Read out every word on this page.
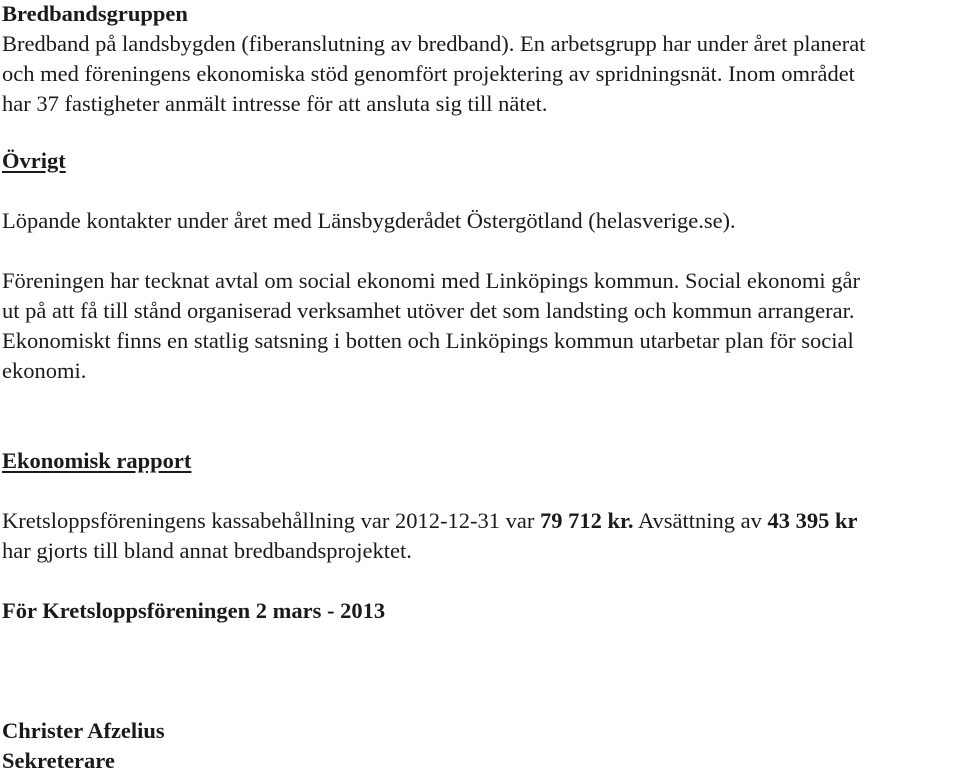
Bredbandsgruppen

Bredband på landsbygden (fiberanslutning av bredband). En arbetsgrupp har under året planerat

och med föreningens ekonomiska stöd genomfört projektering av spridningsnät. Inom området

har 37 fastigheter anmält intresse för att ansluta sig till nätet.

Övrigt

Löpande kontakter under året med Länsbygderådet Östergötland (helasverige.se).

Föreningen har tecknat avtal om social ekonomi med Linköpings kommun. Social ekonomi går

ut på att få till stånd organiserad verksamhet utöver det som landsting och kommun arrangerar.

Ekonomiskt finns en statlig satsning i botten och Linköpings kommun utarbetar plan för social

ekonomi.

Ekonomisk rapport

Kretsloppsföreningens kassabehållning var 2012-12-31 var 79 712 kr. Avsättning av 43 395 kr

har gjorts till bland annat bredbandsprojektet.

För Kretsloppsföreningen 2 mars - 2013

Christer Afzelius

Sekreterare
